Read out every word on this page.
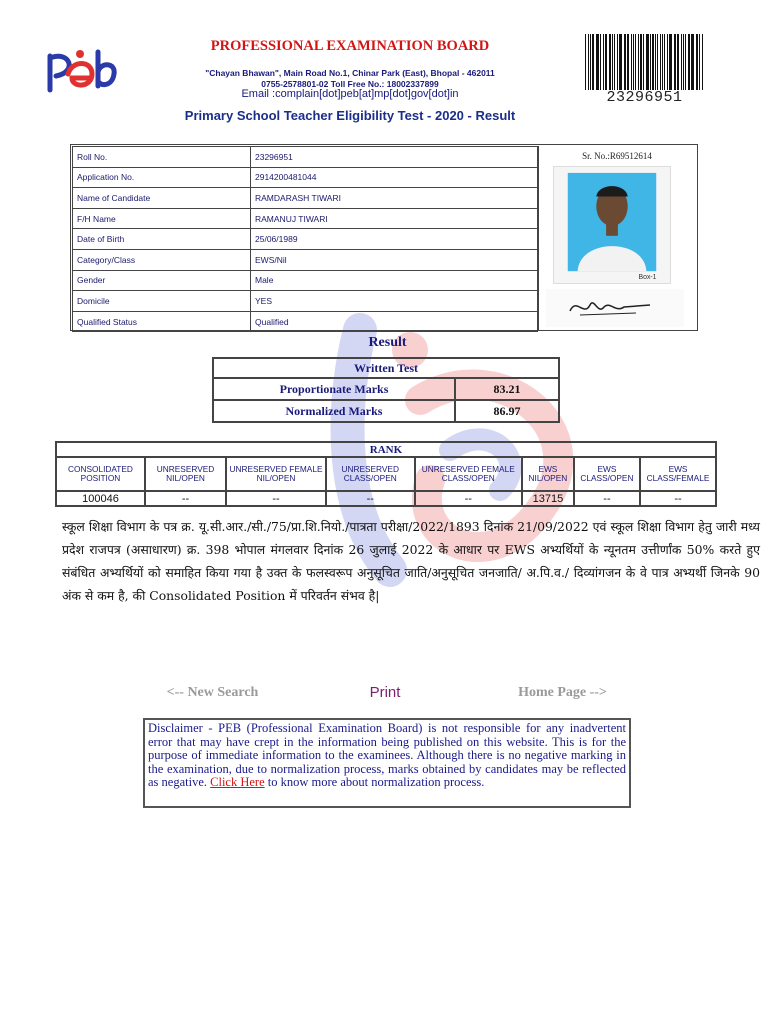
PROFESSIONAL EXAMINATION BOARD
"Chayan Bhawan", Main Road No.1, Chinar Park (East), Bhopal - 462011
0755-2578801-02 Toll Free No.: 18002337899
Email :complain[dot]peb[at]mp[dot]gov[dot]in
Primary School Teacher Eligibility Test - 2020 - Result
23296951
Roll No.	23296951
Application No.	2914200481044
Name of Candidate	RAMDARASH TIWARI
F/H Name	RAMANUJ TIWARI
Date of Birth	25/06/1989
Category/Class	EWS/Nil
Gender	Male
Domicile	YES
Qualified Status	Qualified
Sr. No.:R69512614
Box-1
Result
Written Test	
Proportionate Marks	83.21
Normalized Marks	86.97
RANK							
CONSOLIDATED POSITION	UNRESERVED NIL/OPEN	UNRESERVED FEMALE NIL/OPEN	UNRESERVED CLASS/OPEN	UNRESERVED FEMALE CLASS/OPEN	EWS NIL/OPEN	EWS CLASS/OPEN	EWS CLASS/FEMALE
100046	--	--	--	--	13715	--	--
स्कूल शिक्षा विभाग के पत्र क्र. यू.सी.आर./सी./75/प्रा.शि.नियो./पात्रता परीक्षा/2022/1893 दिनांक 21/09/2022 एवं स्कूल शिक्षा विभाग हेतु जारी मध्य प्रदेश राजपत्र (असाधारण) क्र. 398 भोपाल मंगलवार दिनांक 26 जुलाई 2022 के आधार पर EWS अभ्यर्थियों के न्यूनतम उत्तीर्णांक 50% करते हुए संबंधित अभ्यर्थियों को समाहित किया गया है उक्त के फलस्वरूप अनुसूचित जाति/अनुसूचित जनजाति/ अ.पि.व./ दिव्यांगजन के वे पात्र अभ्यर्थी जिनके 90 अंक से कम है, की Consolidated Position में परिवर्तन संभव है|
<-- New Search	Print	Home Page -->
Disclaimer - PEB (Professional Examination Board) is not responsible for any inadvertent error that may have crept in the information being published on this website. This is for the purpose of immediate information to the examinees. Although there is no negative marking in the examination, due to normalization process, marks obtained by candidates may be reflected as negative. Click Here to know more about normalization process.
